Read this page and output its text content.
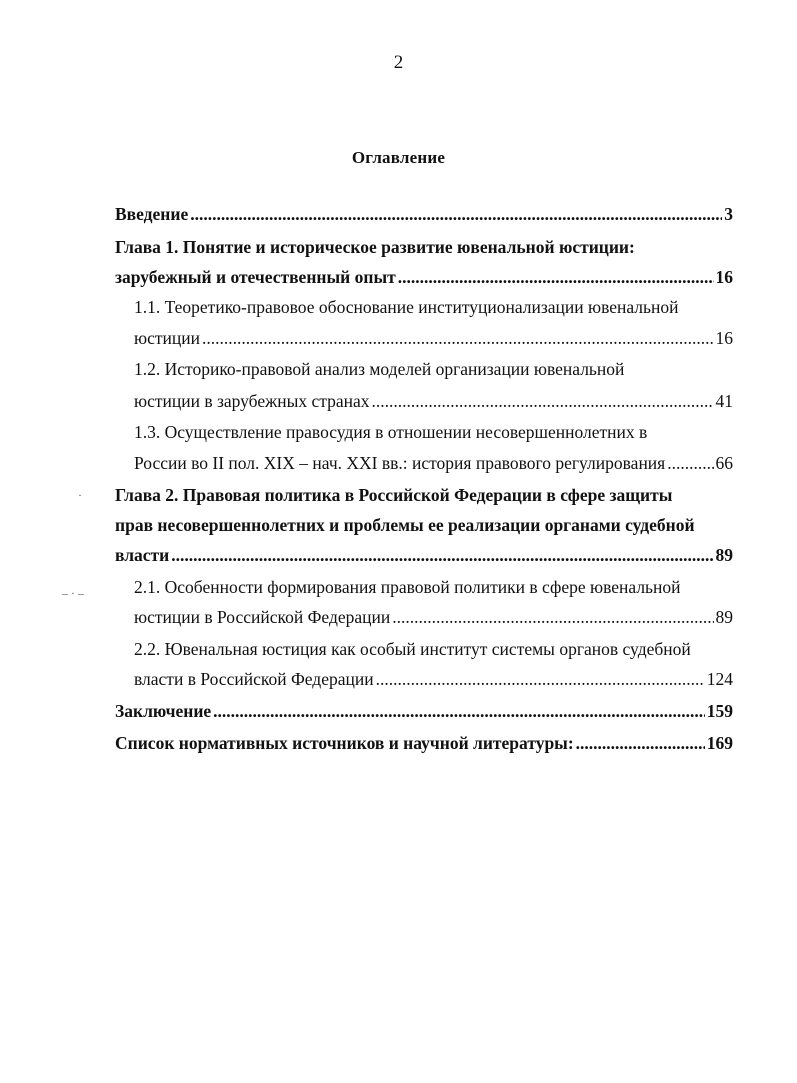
2
Оглавление
Введение .....	3
Глава 1. Понятие и историческое развитие ювенальной юстиции:
зарубежный и отечественный опыт .....	16
1.1. Теоретико-правовое обоснование институционализации ювенальной
юстиции .....	16
1.2. Историко-правовой анализ моделей организации ювенальной
юстиции в зарубежных странах .....	41
1.3. Осуществление правосудия в отношении несовершеннолетних в
России во II пол. XIX – нач. XXI вв.: история правового регулирования .....	66
Глава 2. Правовая политика в Российской Федерации в сфере защиты
прав несовершеннолетних и проблемы ее реализации органами судебной
власти .....	89
2.1. Особенности формирования правовой политики в сфере ювенальной
юстиции в Российской Федерации .....	89
2.2. Ювенальная юстиция как особый институт системы органов судебной
власти в Российской Федерации .....	124
Заключение .....	159
Список нормативных источников и научной литературы: .....	169
·
– · –
